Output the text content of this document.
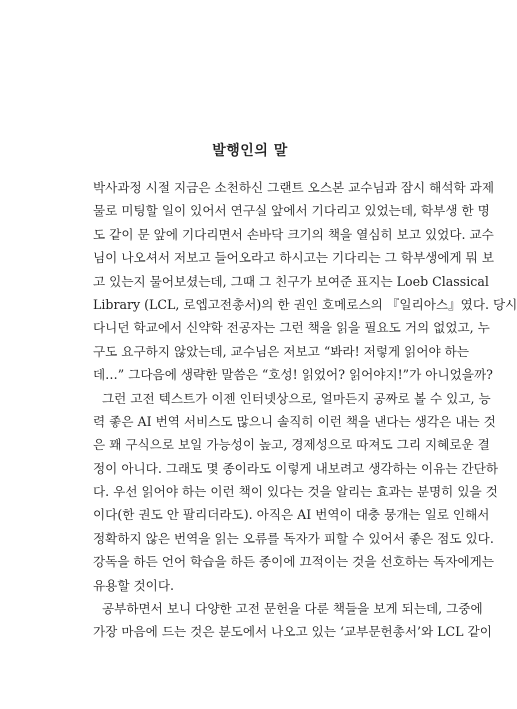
발행인의 말
박사과정 시절 지금은 소천하신 그랜트 오스본 교수님과 잠시 해석학 과제
물로 미팅할 일이 있어서 연구실 앞에서 기다리고 있었는데, 학부생 한 명
도 같이 문 앞에 기다리면서 손바닥 크기의 책을 열심히 보고 있었다. 교수
님이 나오셔서 저보고 들어오라고 하시고는 기다리는 그 학부생에게 뭐 보
고 있는지 물어보셨는데, 그때 그 친구가 보여준 표지는 Loeb Classical
Library (LCL, 로엡고전총서)의 한 권인 호메로스의 『일리아스』였다. 당시
다니던 학교에서 신약학 전공자는 그런 책을 읽을 필요도 거의 없었고, 누
구도 요구하지 않았는데, 교수님은 저보고 “봐라! 저렇게 읽어야 하는
데…” 그다음에 생략한 말씀은 “호성! 읽었어? 읽어야지!”가 아니었을까?
그런 고전 텍스트가 이젠 인터넷상으로, 얼마든지 공짜로 볼 수 있고, 능
력 좋은 AI 번역 서비스도 많으니 솔직히 이런 책을 낸다는 생각은 내는 것
은 꽤 구식으로 보일 가능성이 높고, 경제성으로 따져도 그리 지혜로운 결
정이 아니다. 그래도 몇 종이라도 이렇게 내보려고 생각하는 이유는 간단하
다. 우선 읽어야 하는 이런 책이 있다는 것을 알리는 효과는 분명히 있을 것
이다(한 권도 안 팔리더라도). 아직은 AI 번역이 대충 뭉개는 일로 인해서
정확하지 않은 번역을 읽는 오류를 독자가 피할 수 있어서 좋은 점도 있다.
강독을 하든 언어 학습을 하든 종이에 끄적이는 것을 선호하는 독자에게는
유용할 것이다.
공부하면서 보니 다양한 고전 문헌을 다룬 책들을 보게 되는데, 그중에
가장 마음에 드는 것은 분도에서 나오고 있는 ‘교부문헌총서’와 LCL 같이
